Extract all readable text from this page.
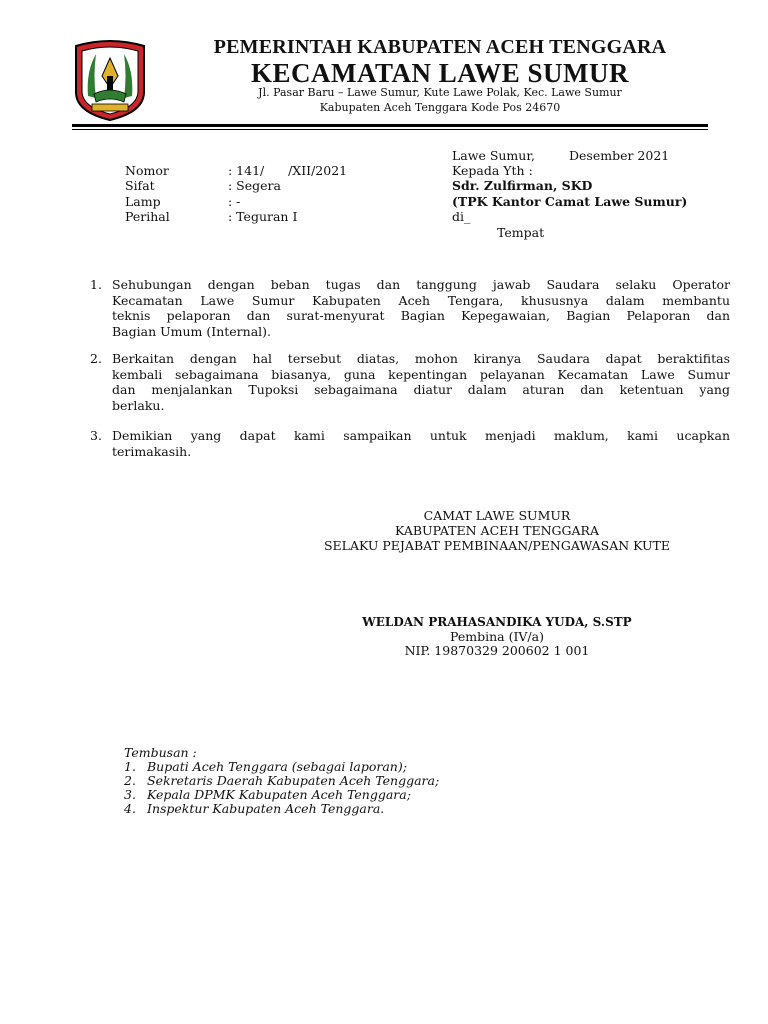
PEMERINTAH KABUPATEN ACEH TENGGARA
KECAMATAN LAWE SUMUR
Jl. Pasar Baru – Lawe Sumur, Kute Lawe Polak, Kec. Lawe Sumur
Kabupaten Aceh Tenggara Kode Pos 24670
Nomor	: 141/      /XII/2021
Sifat	: Segera
Lamp	: -
Perihal	: Teguran I
Lawe Sumur,	Desember 2021
Kepada Yth :
Sdr. Zulfirman, SKD
(TPK Kantor Camat Lawe Sumur)
di_
Tempat
1. Sehubungan dengan beban tugas dan tanggung jawab Saudara selaku Operator
Kecamatan Lawe Sumur Kabupaten Aceh Tengara, khususnya dalam membantu
teknis pelaporan dan surat-menyurat Bagian Kepegawaian, Bagian Pelaporan dan
Bagian Umum (Internal).
2. Berkaitan dengan hal tersebut diatas, mohon kiranya Saudara dapat beraktifitas
kembali sebagaimana biasanya, guna kepentingan pelayanan Kecamatan Lawe Sumur
dan menjalankan Tupoksi sebagaimana diatur dalam aturan dan ketentuan yang
berlaku.
3. Demikian yang dapat kami sampaikan untuk menjadi maklum, kami ucapkan
terimakasih.
CAMAT LAWE SUMUR
KABUPATEN ACEH TENGGARA
SELAKU PEJABAT PEMBINAAN/PENGAWASAN KUTE
WELDAN PRAHASANDIKA YUDA, S.STP
Pembina (IV/a)
NIP. 19870329 200602 1 001
Tembusan :
1. Bupati Aceh Tenggara (sebagai laporan);
2. Sekretaris Daerah Kabupaten Aceh Tenggara;
3. Kepala DPMK Kabupaten Aceh Tenggara;
4. Inspektur Kabupaten Aceh Tenggara.
